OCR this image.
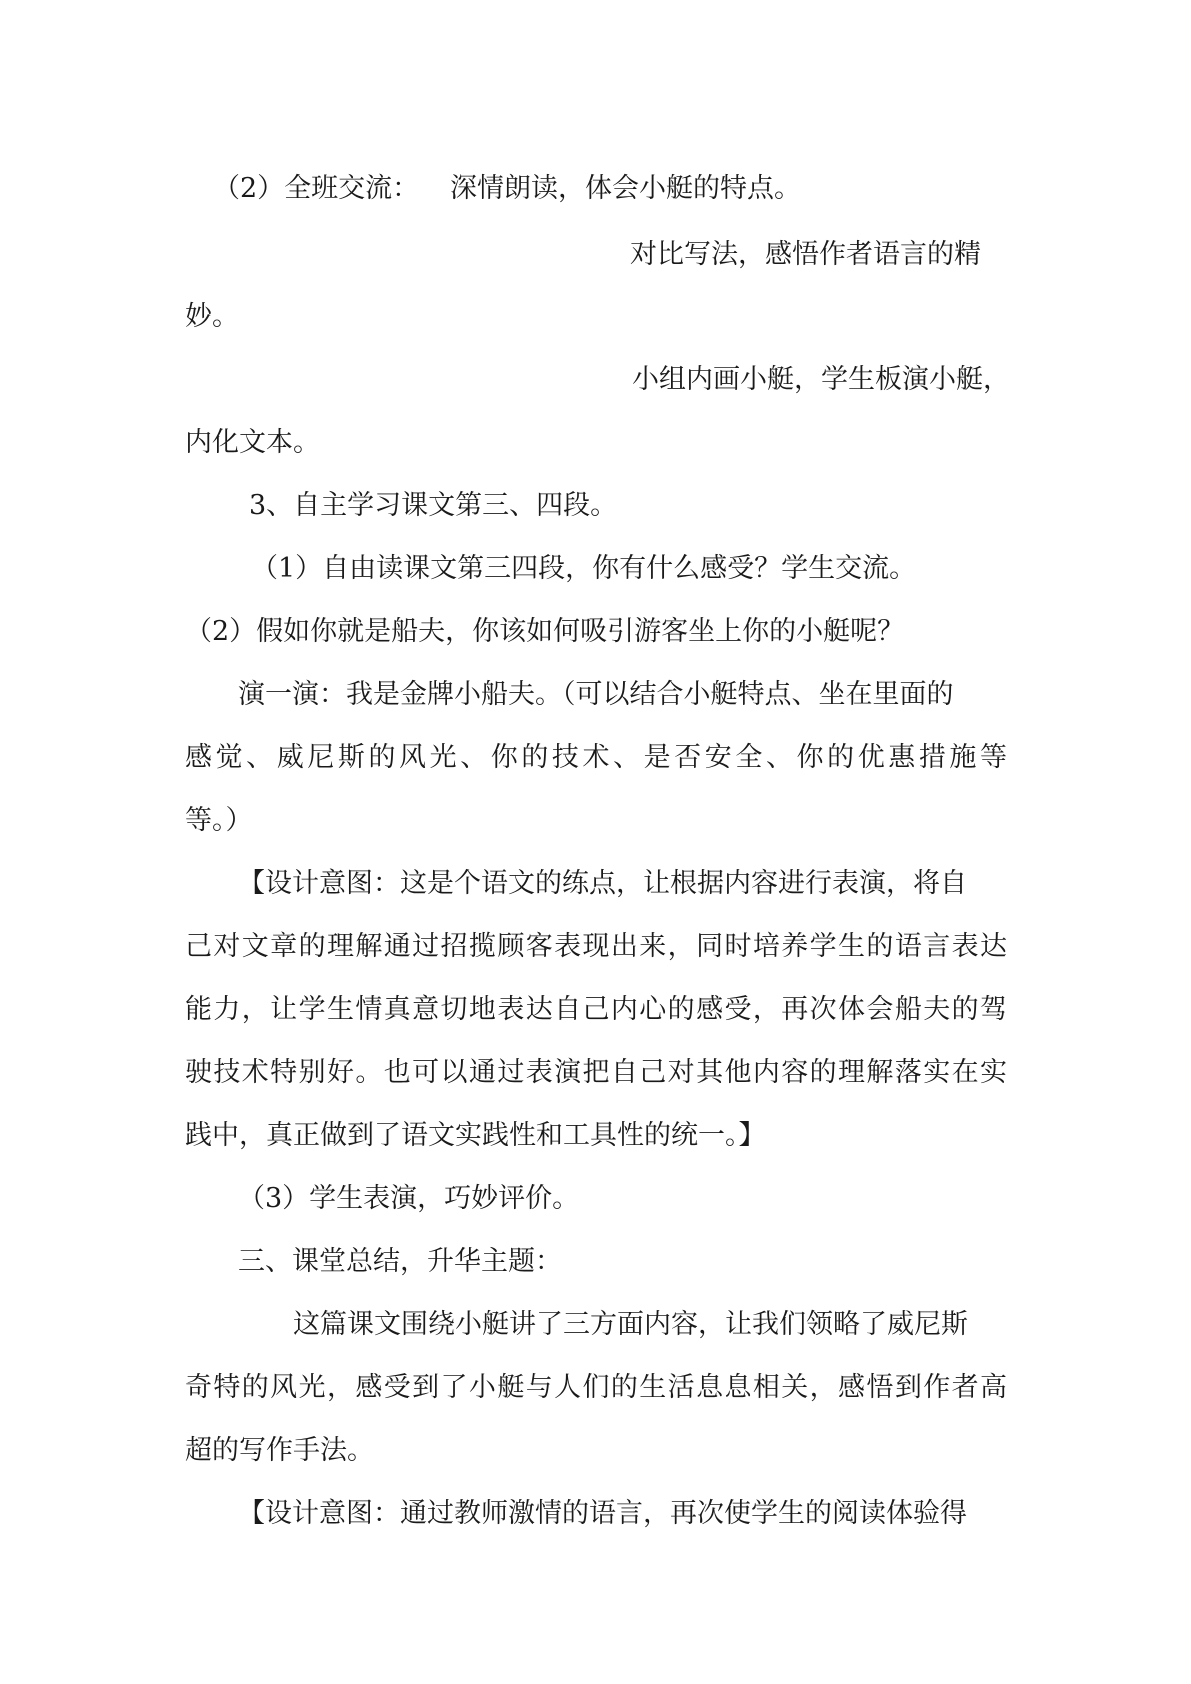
（2）全班交流： 深情朗读，体会小艇的特点。

对比写法，感悟作者语言的精

妙。

小组内画小艇，学生板演小艇，

内化文本。

3、自主学习课文第三、四段。

（1）自由读课文第三四段，你有什么感受？学生交流。

（2）假如你就是船夫，你该如何吸引游客坐上你的小艇呢？

演一演：我是金牌小船夫。（可以结合小艇特点、坐在里面的

感觉、威尼斯的风光、你的技术、是否安全、你的优惠措施等

等。）

【设计意图：这是个语文的练点，让根据内容进行表演，将自

己对文章的理解通过招揽顾客表现出来，同时培养学生的语言表达

能力，让学生情真意切地表达自己内心的感受，再次体会船夫的驾

驶技术特别好。也可以通过表演把自己对其他内容的理解落实在实

践中，真正做到了语文实践性和工具性的统一。】

（3）学生表演，巧妙评价。

三、课堂总结，升华主题：

这篇课文围绕小艇讲了三方面内容，让我们领略了威尼斯

奇特的风光，感受到了小艇与人们的生活息息相关，感悟到作者高

超的写作手法。

【设计意图：通过教师激情的语言，再次使学生的阅读体验得
